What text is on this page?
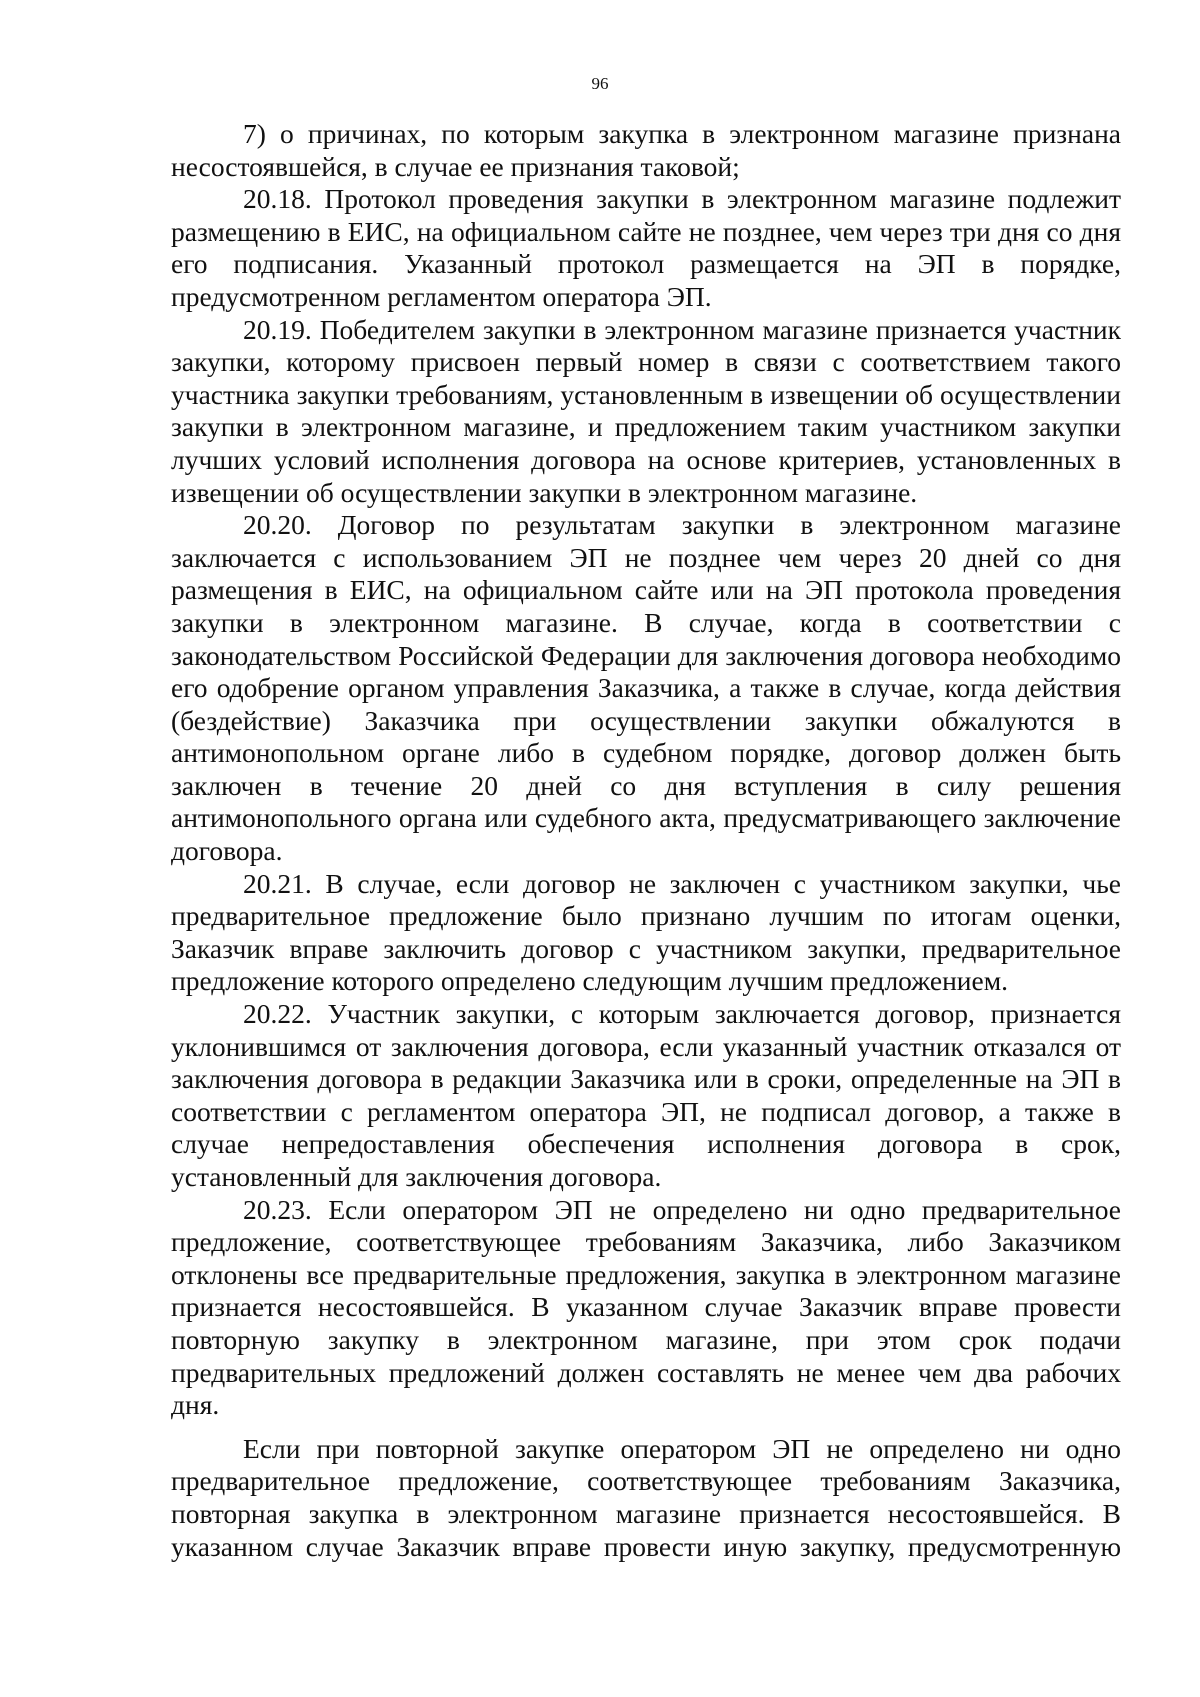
96

7) о причинах, по которым закупка в электронном магазине признана несостоявшейся, в случае ее признания таковой;

20.18. Протокол проведения закупки в электронном магазине подлежит размещению в ЕИС, на официальном сайте не позднее, чем через три дня со дня его подписания. Указанный протокол размещается на ЭП в порядке, предусмотренном регламентом оператора ЭП.

20.19. Победителем закупки в электронном магазине признается участник закупки, которому присвоен первый номер в связи с соответствием такого участника закупки требованиям, установленным в извещении об осуществлении закупки в электронном магазине, и предложением таким участником закупки лучших условий исполнения договора на основе критериев, установленных в извещении об осуществлении закупки в электронном магазине.

20.20. Договор по результатам закупки в электронном магазине заключается с использованием ЭП не позднее чем через 20 дней со дня размещения в ЕИС, на официальном сайте или на ЭП протокола проведения закупки в электронном магазине. В случае, когда в соответствии с законодательством Российской Федерации для заключения договора необходимо его одобрение органом управления Заказчика, а также в случае, когда действия (бездействие) Заказчика при осуществлении закупки обжалуются в антимонопольном органе либо в судебном порядке, договор должен быть заключен в течение 20 дней со дня вступления в силу решения антимонопольного органа или судебного акта, предусматривающего заключение договора.

20.21. В случае, если договор не заключен с участником закупки, чье предварительное предложение было признано лучшим по итогам оценки, Заказчик вправе заключить договор с участником закупки, предварительное предложение которого определено следующим лучшим предложением.

20.22. Участник закупки, с которым заключается договор, признается уклонившимся от заключения договора, если указанный участник отказался от заключения договора в редакции Заказчика или в сроки, определенные на ЭП в соответствии с регламентом оператора ЭП, не подписал договор, а также в случае непредоставления обеспечения исполнения договора в срок, установленный для заключения договора.

20.23. Если оператором ЭП не определено ни одно предварительное предложение, соответствующее требованиям Заказчика, либо Заказчиком отклонены все предварительные предложения, закупка в электронном магазине признается несостоявшейся. В указанном случае Заказчик вправе провести повторную закупку в электронном магазине, при этом срок подачи предварительных предложений должен составлять не менее чем два рабочих дня.

Если при повторной закупке оператором ЭП не определено ни одно предварительное предложение, соответствующее требованиям Заказчика, повторная закупка в электронном магазине признается несостоявшейся. В указанном случае Заказчик вправе провести иную закупку, предусмотренную
